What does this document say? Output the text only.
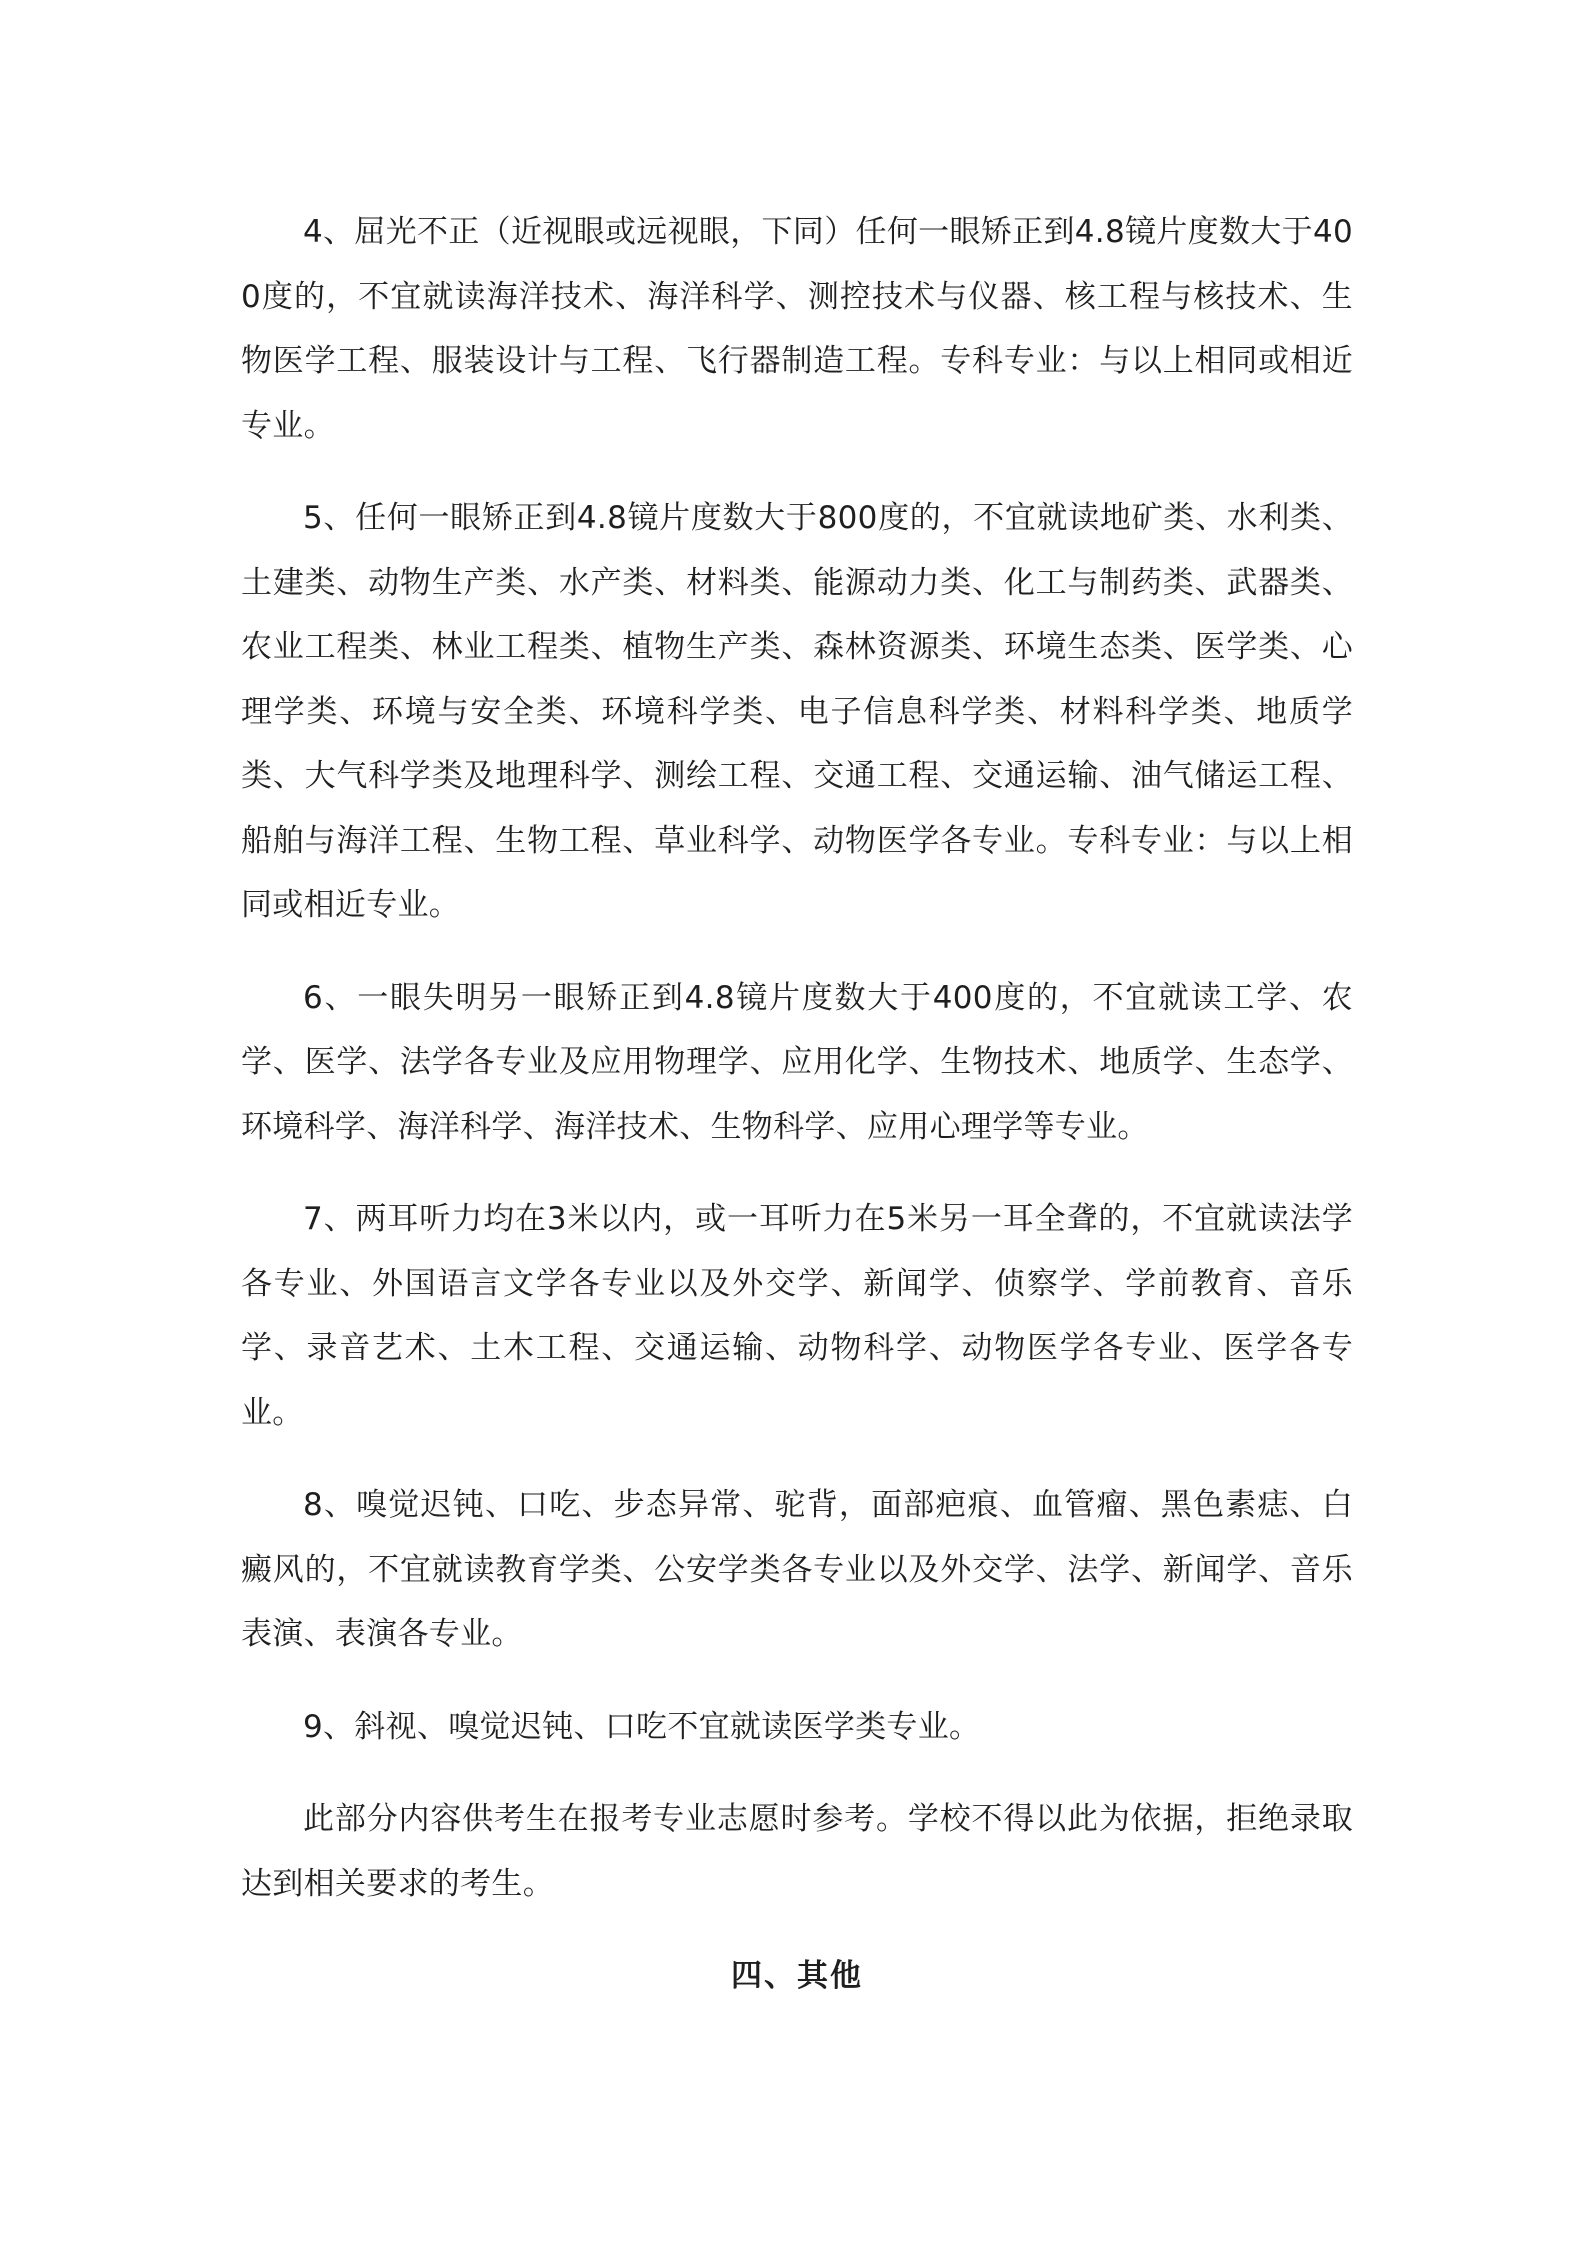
4、屈光不正（近视眼或远视眼，下同）任何一眼矫正到4.8镜片度数大于400度的，不宜就读海洋技术、海洋科学、测控技术与仪器、核工程与核技术、生物医学工程、服装设计与工程、飞行器制造工程。专科专业：与以上相同或相近专业。

5、任何一眼矫正到4.8镜片度数大于800度的，不宜就读地矿类、水利类、土建类、动物生产类、水产类、材料类、能源动力类、化工与制药类、武器类、农业工程类、林业工程类、植物生产类、森林资源类、环境生态类、医学类、心理学类、环境与安全类、环境科学类、电子信息科学类、材料科学类、地质学类、大气科学类及地理科学、测绘工程、交通工程、交通运输、油气储运工程、船舶与海洋工程、生物工程、草业科学、动物医学各专业。专科专业：与以上相同或相近专业。

6、一眼失明另一眼矫正到4.8镜片度数大于400度的，不宜就读工学、农学、医学、法学各专业及应用物理学、应用化学、生物技术、地质学、生态学、环境科学、海洋科学、海洋技术、生物科学、应用心理学等专业。

7、两耳听力均在3米以内，或一耳听力在5米另一耳全聋的，不宜就读法学各专业、外国语言文学各专业以及外交学、新闻学、侦察学、学前教育、音乐学、录音艺术、土木工程、交通运输、动物科学、动物医学各专业、医学各专业。

8、嗅觉迟钝、口吃、步态异常、驼背，面部疤痕、血管瘤、黑色素痣、白癜风的，不宜就读教育学类、公安学类各专业以及外交学、法学、新闻学、音乐表演、表演各专业。

9、斜视、嗅觉迟钝、口吃不宜就读医学类专业。

此部分内容供考生在报考专业志愿时参考。学校不得以此为依据，拒绝录取达到相关要求的考生。

四、其他
